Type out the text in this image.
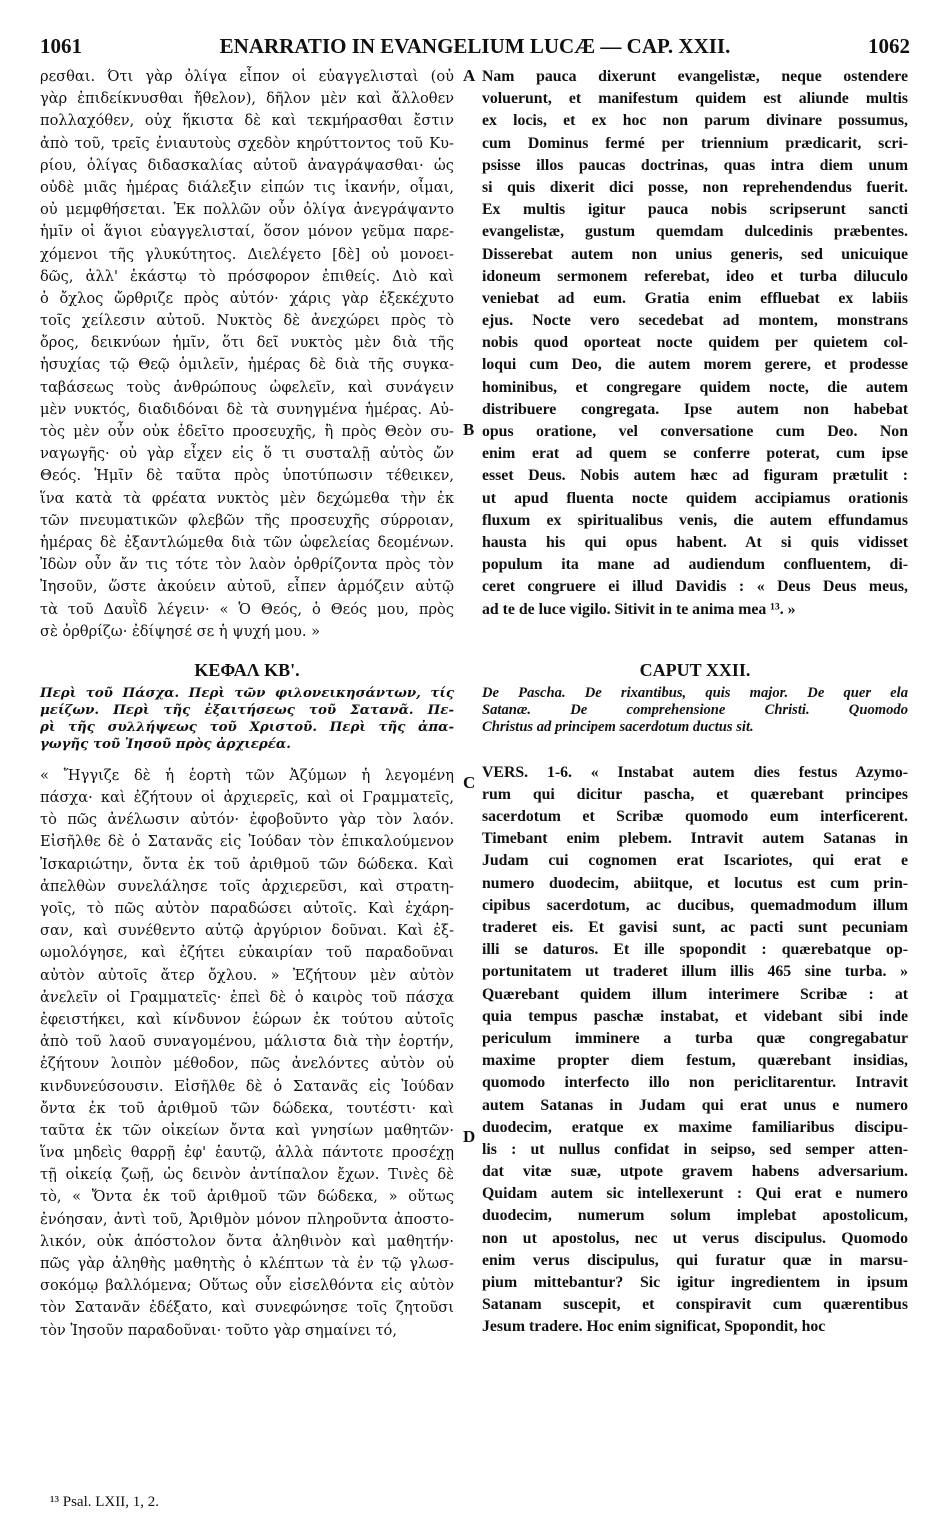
1061	ENARRATIO IN EVANGELIUM LUCÆ — CAP. XXII.	1062
ρεσθαι. Ότι γὰρ ὀλίγα εἶπον οἱ εὐαγγελισταὶ (οὐ
γὰρ ἐπιδείκνυσθαι ἤθελον), δῆλον μὲν καὶ ἄλλοθεν
πολλαχόθεν, οὐχ ἥκιστα δὲ καὶ τεκμήρασθαι ἔστιν
ἀπὸ τοῦ, τρεῖς ἐνιαυτοὺς σχεδὸν κηρύττοντος τοῦ Κυ-
ρίου, ὀλίγας διδασκαλίας αὐτοῦ ἀναγράψασθαι· ὡς
οὐδὲ μιᾶς ἡμέρας διάλεξιν εἰπών τις ἱκανήν, οἶμαι,
οὐ μεμφθήσεται. Ἐκ πολλῶν οὖν ὀλίγα ἀνεγράψαντο
ἡμῖν οἱ ἅγιοι εὐαγγελισταί, ὅσον μόνον γεῦμα παρε-
χόμενοι τῆς γλυκύτητος. Διελέγετο [δὲ] οὐ μονοει-
δῶς, ἀλλ' ἑκάστῳ τὸ πρόσφορον ἐπιθείς. Διὸ καὶ
ὁ ὄχλος ὤρθριζε πρὸς αὐτόν· χάρις γὰρ ἐξεκέχυτο
τοῖς χείλεσιν αὐτοῦ. Νυκτὸς δὲ ἀνεχώρει πρὸς τὸ
ὄρος, δεικνύων ἡμῖν, ὅτι δεῖ νυκτὸς μὲν διὰ τῆς
ἡσυχίας τῷ Θεῷ ὁμιλεῖν, ἡμέρας δὲ διὰ τῆς συγκα-
ταβάσεως τοὺς ἀνθρώπους ὠφελεῖν, καὶ συνάγειν
μὲν νυκτός, διαδιδόναι δὲ τὰ συνηγμένα ἡμέρας. Αὐ-
τὸς μὲν οὖν οὐκ ἐδεῖτο προσευχῆς, ἢ πρὸς Θεὸν συ-
ναγωγῆς· οὐ γὰρ εἶχεν εἰς ὅ τι συσταλῇ αὐτὸς ὤν
Θεός. Ἡμῖν δὲ ταῦτα πρὸς ὑποτύπωσιν τέθεικεν,
ἵνα κατὰ τὰ φρέατα νυκτὸς μὲν δεχώμεθα τὴν ἐκ
τῶν πνευματικῶν φλεβῶν τῆς προσευχῆς σύρροιαν,
ἡμέρας δὲ ἐξαντλώμεθα διὰ τῶν ὠφελείας δεομένων.
Ἰδὼν οὖν ἄν τις τότε τὸν λαὸν ὀρθρίζοντα πρὸς τὸν
Ἰησοῦν, ὥστε ἀκούειν αὐτοῦ, εἶπεν ἁρμόζειν αὐτῷ
τὰ τοῦ Δαυῒδ λέγειν· « Ὁ Θεός, ὁ Θεός μου, πρὸς
σὲ ὀρθρίζω· ἐδίψησέ σε ἡ ψυχή μου. »
ΚΕΦΑΛ ΚΒ'.
Περὶ τοῦ Πάσχα. Περὶ τῶν φιλονεικησάντων, τίς
μείζων. Περὶ τῆς ἐξαιτήσεως τοῦ Σατανᾶ. Πε-
ρὶ τῆς συλλήψεως τοῦ Χριστοῦ. Περὶ τῆς ἀπα-
γωγῆς τοῦ Ἰησοῦ πρὸς ἀρχιερέα.
« Ἤγγιζε δὲ ἡ ἑορτὴ τῶν Ἀζύμων ἡ λεγομένη
πάσχα· καὶ ἐζήτουν οἱ ἀρχιερεῖς, καὶ οἱ Γραμματεῖς,
τὸ πῶς ἀνέλωσιν αὐτόν· ἐφοβοῦντο γὰρ τὸν λαόν.
Εἰσῆλθε δὲ ὁ Σατανᾶς εἰς Ἰούδαν τὸν ἐπικαλούμενον
Ἰσκαριώτην, ὄντα ἐκ τοῦ ἀριθμοῦ τῶν δώδεκα. Καὶ
ἀπελθὼν συνελάλησε τοῖς ἀρχιερεῦσι, καὶ στρατη-
γοῖς, τὸ πῶς αὐτὸν παραδώσει αὐτοῖς. Καὶ ἐχάρη-
σαν, καὶ συνέθεντο αὐτῷ ἀργύριον δοῦναι. Καὶ ἐξ-
ωμολόγησε, καὶ ἐζήτει εὐκαιρίαν τοῦ παραδοῦναι
αὐτὸν αὐτοῖς ἄτερ ὄχλου. » Ἐζήτουν μὲν αὐτὸν
ἀνελεῖν οἱ Γραμματεῖς· ἐπεὶ δὲ ὁ καιρὸς τοῦ πάσχα
ἐφειστήκει, καὶ κίνδυνον ἑώρων ἐκ τούτου αὐτοῖς
ἀπὸ τοῦ λαοῦ συναγομένου, μάλιστα διὰ τὴν ἑορτήν,
ἐζήτουν λοιπὸν μέθοδον, πῶς ἀνελόντες αὐτὸν οὐ
κινδυνεύσουσιν. Εἰσῆλθε δὲ ὁ Σατανᾶς εἰς Ἰούδαν
ὄντα ἐκ τοῦ ἀριθμοῦ τῶν δώδεκα, τουτέστι· καὶ
ταῦτα ἐκ τῶν οἰκείων ὄντα καὶ γνησίων μαθητῶν·
ἵνα μηδεὶς θαρρῇ ἐφ' ἑαυτῷ, ἀλλὰ πάντοτε προσέχῃ
τῇ οἰκείᾳ ζωῇ, ὡς δεινὸν ἀντίπαλον ἔχων. Τινὲς δὲ
τὸ, « Ὄντα ἐκ τοῦ ἀριθμοῦ τῶν δώδεκα, » οὕτως
ἐνόησαν, ἀντὶ τοῦ, Ἀριθμὸν μόνον πληροῦντα ἀποστο-
λικόν, οὐκ ἀπόστολον ὄντα ἀληθινὸν καὶ μαθητήν·
πῶς γὰρ ἀληθὴς μαθητὴς ὁ κλέπτων τὰ ἐν τῷ γλωσ-
σοκόμῳ βαλλόμενα; Οὕτως οὖν εἰσελθόντα εἰς αὐτὸν
τὸν Σατανᾶν ἐδέξατο, καὶ συνεφώνησε τοῖς ζητοῦσι
τὸν Ἰησοῦν παραδοῦναι· τοῦτο γὰρ σημαίνει τό,
Nam pauca dixerunt evangelistæ, neque ostendere
voluerunt, et manifestum quidem est aliunde multis
ex locis, et ex hoc non parum divinare possumus,
cum Dominus fermé per triennium prædicarit, scri-
psisse illos paucas doctrinas, quas intra diem unum
si quis dixerit dici posse, non reprehendendus fuerit.
Ex multis igitur pauca nobis scripserunt sancti
evangelistæ, gustum quemdam dulcedinis præbentes.
Disserebat autem non unius generis, sed unicuique
idoneum sermonem referebat, ideo et turba diluculo
veniebat ad eum. Gratia enim effluebat ex labiis
ejus. Nocte vero secedebat ad montem, monstrans
nobis quod oporteat nocte quidem per quietem col-
loqui cum Deo, die autem morem gerere, et prodesse
hominibus, et congregare quidem nocte, die autem
distribuere congregata. Ipse autem non habebat
opus oratione, vel conversatione cum Deo. Non
enim erat ad quem se conferre poterat, cum ipse
esset Deus. Nobis autem hæc ad figuram prætulit :
ut apud fluenta nocte quidem accipiamus orationis
fluxum ex spiritualibus venis, die autem effundamus
hausta his qui opus habent. At si quis vidisset
populum ita mane ad audiendum confluentem, di-
ceret congruere ei illud Davidis : « Deus Deus meus,
ad te de luce vigilo. Sitivit in te anima mea ¹³. »
CAPUT XXII.
De Pascha. De rixantibus, quis major. De quer ela
Satanæ. De comprehensione Christi. Quomodo
Christus ad principem sacerdotum ductus sit.
VERS. 1-6. « Instabat autem dies festus Azymo-
rum qui dicitur pascha, et quærebant principes
sacerdotum et Scribæ quomodo eum interficerent.
Timebant enim plebem. Intravit autem Satanas in
Judam cui cognomen erat Iscariotes, qui erat e
numero duodecim, abiitque, et locutus est cum prin-
cipibus sacerdotum, ac ducibus, quemadmodum illum
traderet eis. Et gavisi sunt, ac pacti sunt pecuniam
illi se daturos. Et ille spopondit : quærebatque op-
portunitatem ut traderet illum illis 465 sine turba. »
Quærebant quidem illum interimere Scribæ : at
quia tempus paschæ instabat, et videbant sibi inde
periculum imminere a turba quæ congregabatur
maxime propter diem festum, quærebant insidias,
quomodo interfecto illo non periclitarentur. Intravit
autem Satanas in Judam qui erat unus e numero
duodecim, eratque ex maxime familiaribus discipu-
lis : ut nullus confidat in seipso, sed semper atten-
dat vitæ suæ, utpote gravem habens adversarium.
Quidam autem sic intellexerunt : Qui erat e numero
duodecim, numerum solum implebat apostolicum,
non ut apostolus, nec ut verus discipulus. Quomodo
enim verus discipulus, qui furatur quæ in marsu-
pium mittebantur? Sic igitur ingredientem in ipsum
Satanam suscepit, et conspiravit cum quærentibus
Jesum tradere. Hoc enim significat, Spopondit, hoc
A
B
C
D
¹³ Psal. LXII, 1, 2.
